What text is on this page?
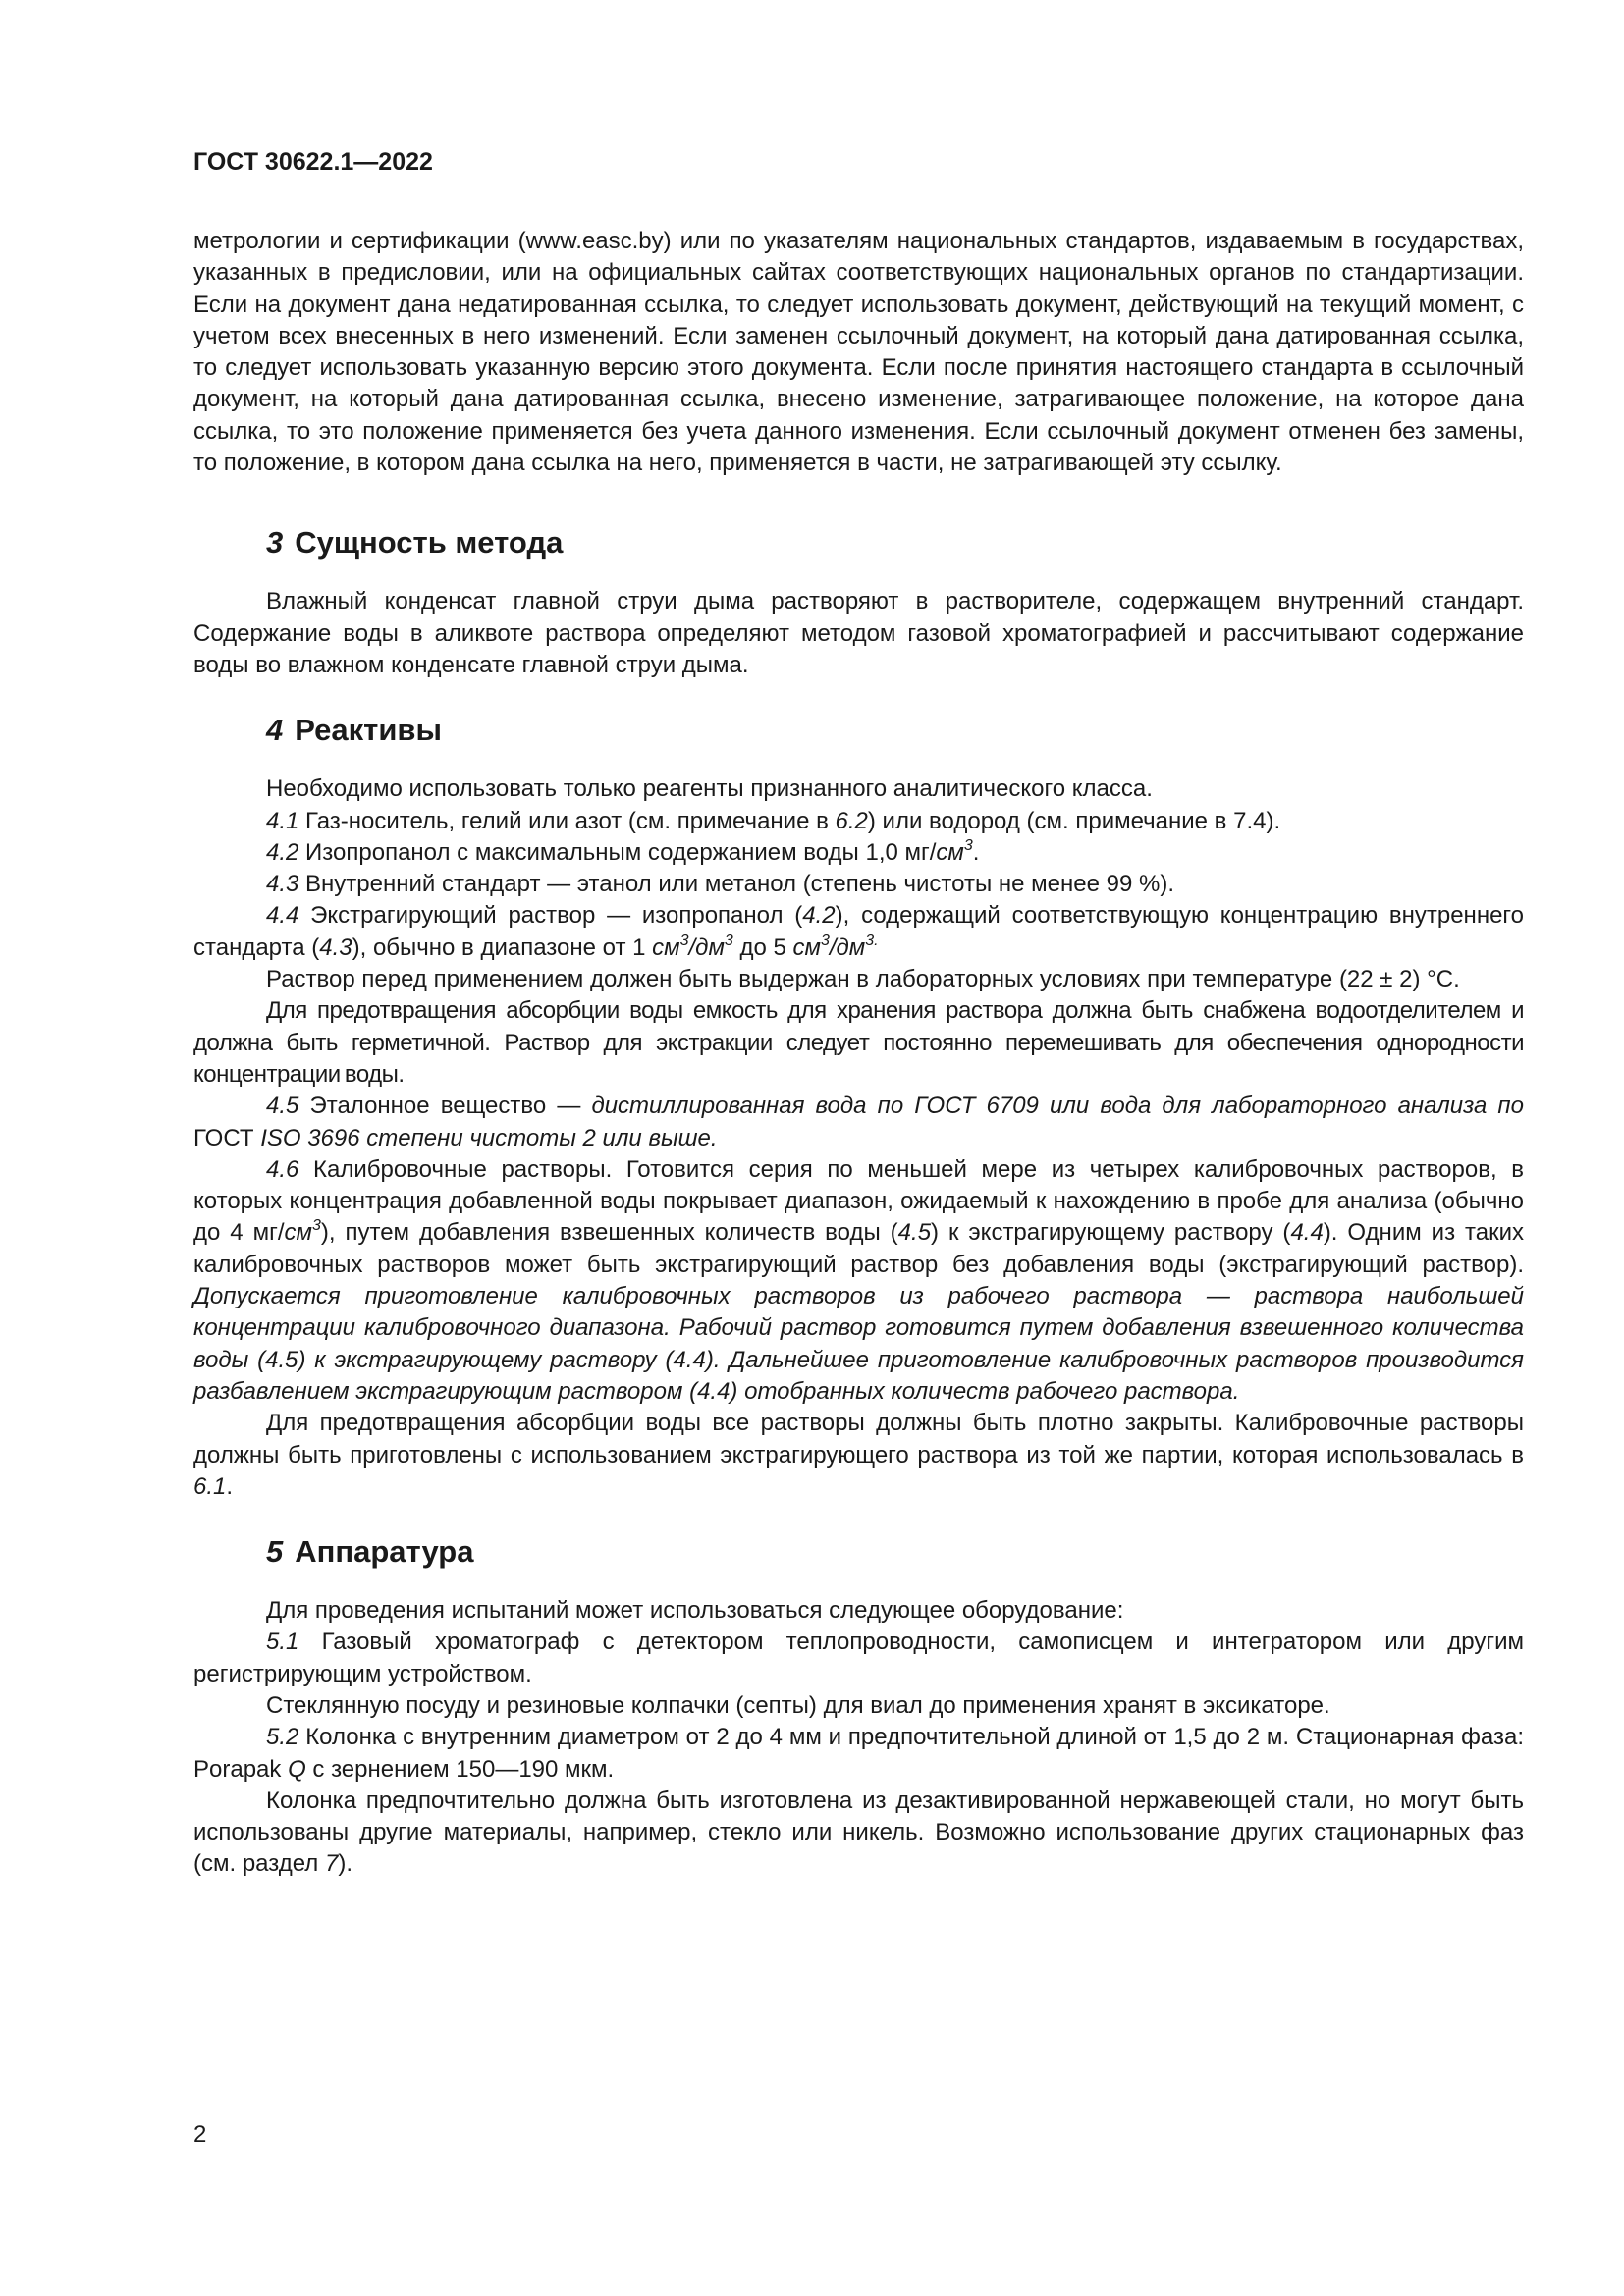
ГОСТ 30622.1—2022

метрологии и сертификации (www.easc.by) или по указателям национальных стандартов, издаваемым в государствах, указанных в предисловии, или на официальных сайтах соответствующих национальных органов по стандартизации. Если на документ дана недатированная ссылка, то следует использовать документ, действующий на текущий момент, с учетом всех внесенных в него изменений. Если заменен ссылочный документ, на который дана датированная ссылка, то следует использовать указанную версию этого документа. Если после принятия настоящего стандарта в ссылочный документ, на который дана датированная ссылка, внесено изменение, затрагивающее положение, на которое дана ссылка, то это положение применяется без учета данного изменения. Если ссылочный документ отменен без замены, то положение, в котором дана ссылка на него, применяется в части, не затрагивающей эту ссылку.

3 Сущность метода

Влажный конденсат главной струи дыма растворяют в растворителе, содержащем внутренний стандарт. Содержание воды в аликвоте раствора определяют методом газовой хроматографией и рассчитывают содержание воды во влажном конденсате главной струи дыма.

4 Реактивы

Необходимо использовать только реагенты признанного аналитического класса.

4.1 Газ-носитель, гелий или азот (см. примечание в 6.2) или водород (см. примечание в 7.4).

4.2 Изопропанол с максимальным содержанием воды 1,0 $мг/см^3$.

4.3 Внутренний стандарт — этанол или метанол (степень чистоты не менее 99 %).

4.4 Экстрагирующий раствор — изопропанол (4.2), содержащий соответствующую концентрацию внутреннего стандарта (4.3), обычно в диапазоне от 1 $см^3/дм^3$ до 5 $см^3/дм^{3.}$

Раствор перед применением должен быть выдержан в лабораторных условиях при температуре (22 ± 2) °С.

Для предотвращения абсорбции воды емкость для хранения раствора должна быть снабжена водоотделителем и должна быть герметичной. Раствор для экстракции следует постоянно перемешивать для обеспечения однородности концентрации воды.

4.5 Эталонное вещество — дистиллированная вода по ГОСТ 6709 или вода для лабораторного анализа по ГОСТ ISO 3696 степени чистоты 2 или выше.

4.6 Калибровочные растворы. Готовится серия по меньшей мере из четырех калибровочных растворов, в которых концентрация добавленной воды покрывает диапазон, ожидаемый к нахождению в пробе для анализа (обычно до 4 $мг/см^3$), путем добавления взвешенных количеств воды (4.5) к экстрагирующему раствору (4.4). Одним из таких калибровочных растворов может быть экстрагирующий раствор без добавления воды (экстрагирующий раствор). Допускается приготовление калибровочных растворов из рабочего раствора — раствора наибольшей концентрации калибровочного диапазона. Рабочий раствор готовится путем добавления взвешенного количества воды (4.5) к экстрагирующему раствору (4.4). Дальнейшее приготовление калибровочных растворов производится разбавлением экстрагирующим раствором (4.4) отобранных количеств рабочего раствора.

Для предотвращения абсорбции воды все растворы должны быть плотно закрыты. Калибровочные растворы должны быть приготовлены с использованием экстрагирующего раствора из той же партии, которая использовалась в 6.1.

5 Аппаратура

Для проведения испытаний может использоваться следующее оборудование:

5.1 Газовый хроматограф с детектором теплопроводности, самописцем и интегратором или другим регистрирующим устройством.

Стеклянную посуду и резиновые колпачки (септы) для виал до применения хранят в эксикаторе.

5.2 Колонка с внутренним диаметром от 2 до 4 мм и предпочтительной длиной от 1,5 до 2 м. Стационарная фаза: Porapak Q с зернением 150—190 мкм.

Колонка предпочтительно должна быть изготовлена из дезактивированной нержавеющей стали, но могут быть использованы другие материалы, например, стекло или никель. Возможно использование других стационарных фаз (см. раздел 7).

2
